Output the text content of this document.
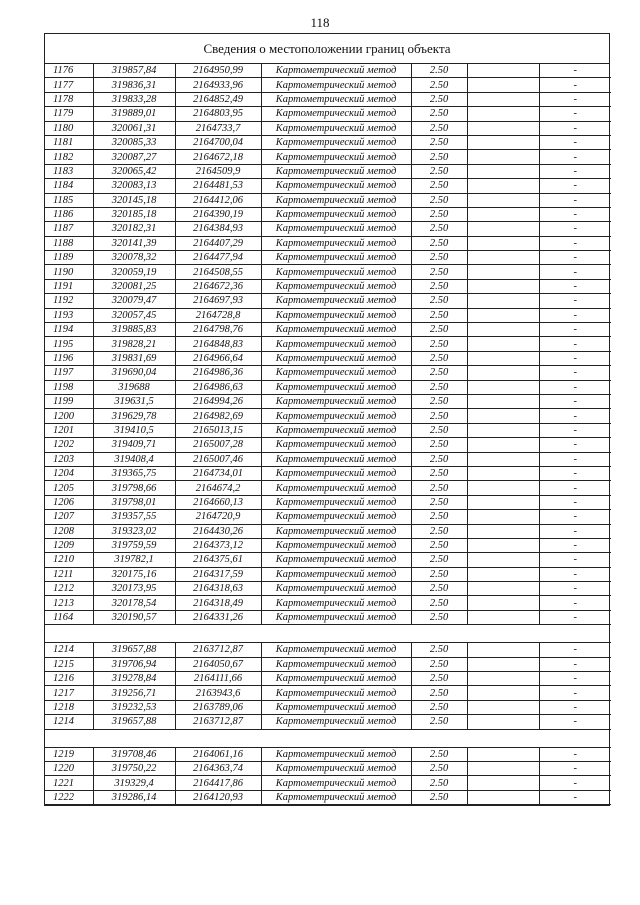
118
Сведения о местоположении границ объекта
1176	319857,84	2164950,99	Картометрический метод	2.50		-
1177	319836,31	2164933,96	Картометрический метод	2.50		-
1178	319833,28	2164852,49	Картометрический метод	2.50		-
1179	319889,01	2164803,95	Картометрический метод	2.50		-
1180	320061,31	2164733,7	Картометрический метод	2.50		-
1181	320085,33	2164700,04	Картометрический метод	2.50		-
1182	320087,27	2164672,18	Картометрический метод	2.50		-
1183	320065,42	2164509,9	Картометрический метод	2.50		-
1184	320083,13	2164481,53	Картометрический метод	2.50		-
1185	320145,18	2164412,06	Картометрический метод	2.50		-
1186	320185,18	2164390,19	Картометрический метод	2.50		-
1187	320182,31	2164384,93	Картометрический метод	2.50		-
1188	320141,39	2164407,29	Картометрический метод	2.50		-
1189	320078,32	2164477,94	Картометрический метод	2.50		-
1190	320059,19	2164508,55	Картометрический метод	2.50		-
1191	320081,25	2164672,36	Картометрический метод	2.50		-
1192	320079,47	2164697,93	Картометрический метод	2.50		-
1193	320057,45	2164728,8	Картометрический метод	2.50		-
1194	319885,83	2164798,76	Картометрический метод	2.50		-
1195	319828,21	2164848,83	Картометрический метод	2.50		-
1196	319831,69	2164966,64	Картометрический метод	2.50		-
1197	319690,04	2164986,36	Картометрический метод	2.50		-
1198	319688	2164986,63	Картометрический метод	2.50		-
1199	319631,5	2164994,26	Картометрический метод	2.50		-
1200	319629,78	2164982,69	Картометрический метод	2.50		-
1201	319410,5	2165013,15	Картометрический метод	2.50		-
1202	319409,71	2165007,28	Картометрический метод	2.50		-
1203	319408,4	2165007,46	Картометрический метод	2.50		-
1204	319365,75	2164734,01	Картометрический метод	2.50		-
1205	319798,66	2164674,2	Картометрический метод	2.50		-
1206	319798,01	2164660,13	Картометрический метод	2.50		-
1207	319357,55	2164720,9	Картометрический метод	2.50		-
1208	319323,02	2164430,26	Картометрический метод	2.50		-
1209	319759,59	2164373,12	Картометрический метод	2.50		-
1210	319782,1	2164375,61	Картометрический метод	2.50		-
1211	320175,16	2164317,59	Картометрический метод	2.50		-
1212	320173,95	2164318,63	Картометрический метод	2.50		-
1213	320178,54	2164318,49	Картометрический метод	2.50		-
1164	320190,57	2164331,26	Картометрический метод	2.50		-

1214	319657,88	2163712,87	Картометрический метод	2.50		-
1215	319706,94	2164050,67	Картометрический метод	2.50		-
1216	319278,84	2164111,66	Картометрический метод	2.50		-
1217	319256,71	2163943,6	Картометрический метод	2.50		-
1218	319232,53	2163789,06	Картометрический метод	2.50		-
1214	319657,88	2163712,87	Картометрический метод	2.50		-

1219	319708,46	2164061,16	Картометрический метод	2.50		-
1220	319750,22	2164363,74	Картометрический метод	2.50		-
1221	319329,4	2164417,86	Картометрический метод	2.50		-
1222	319286,14	2164120,93	Картометрический метод	2.50		-
